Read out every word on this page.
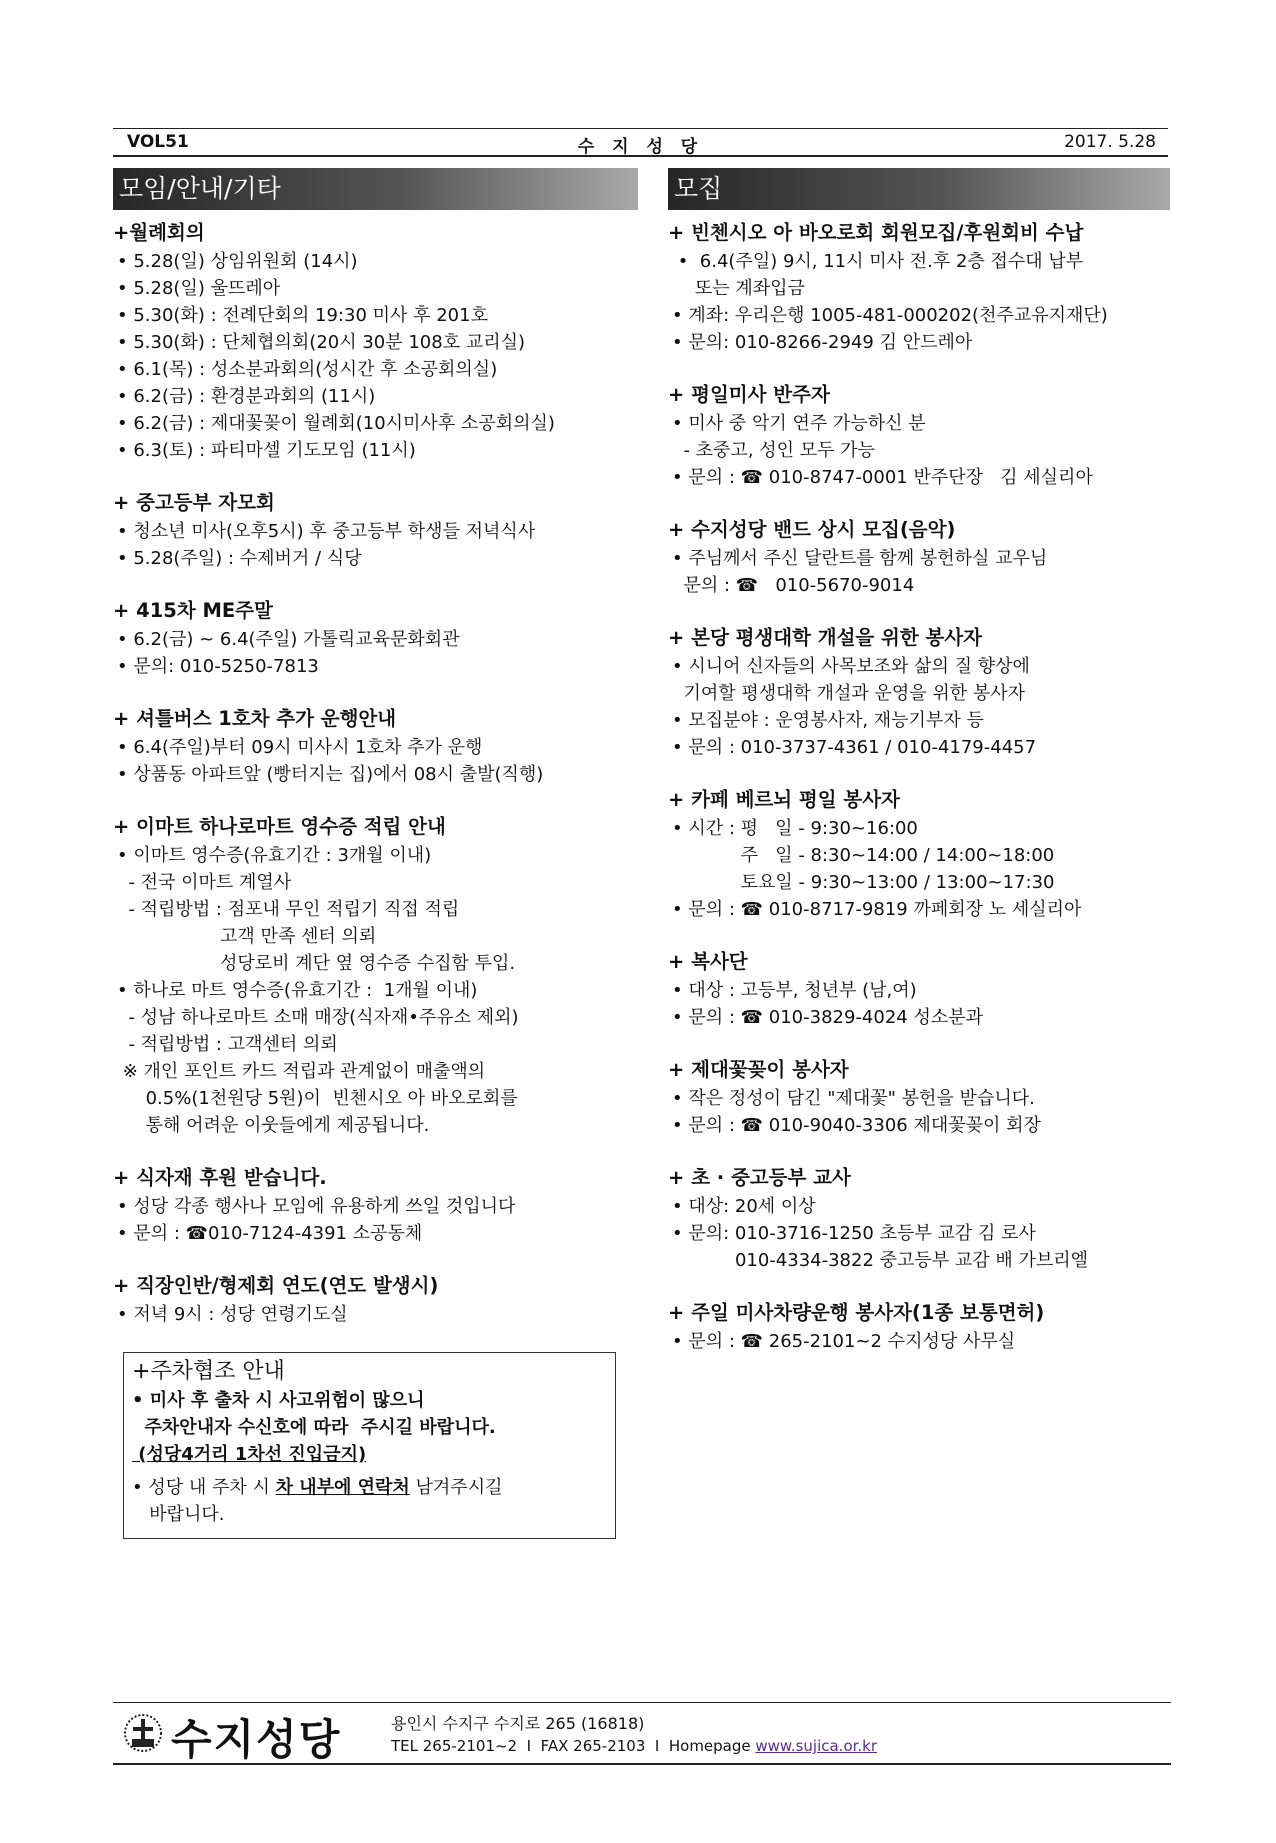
VOL51	수 지 성 당	2017. 5.28
모임/안내/기타
+월례회의
• 5.28(일) 상임위원회 (14시)
• 5.28(일) 울뜨레아
• 5.30(화) : 전례단회의 19:30 미사 후 201호
• 5.30(화) : 단체협의회(20시 30분 108호 교리실)
• 6.1(목) : 성소분과회의(성시간 후 소공회의실)
• 6.2(금) : 환경분과회의 (11시)
• 6.2(금) : 제대꽃꽂이 월례회(10시미사후 소공회의실)
• 6.3(토) : 파티마셀 기도모임 (11시)
+ 중고등부 자모회
• 청소년 미사(오후5시) 후 중고등부 학생들 저녁식사
• 5.28(주일) : 수제버거 / 식당
+ 415차 ME주말
• 6.2(금) ~ 6.4(주일) 가톨릭교육문화회관
• 문의: 010-5250-7813
+ 셔틀버스 1호차 추가 운행안내
• 6.4(주일)부터 09시 미사시 1호차 추가 운행
• 상품동 아파트앞 (빵터지는 집)에서 08시 출발(직행)
+ 이마트 하나로마트 영수증 적립 안내
• 이마트 영수증(유효기간 : 3개월 이내)
- 전국 이마트 계열사
- 적립방법 : 점포내 무인 적립기 직접 적립
고객 만족 센터 의뢰
성당로비 계단 옆 영수증 수집함 투입.
• 하나로 마트 영수증(유효기간 :  1개월 이내)
- 성남 하나로마트 소매 매장(식자재•주유소 제외)
- 적립방법 : 고객센터 의뢰
※ 개인 포인트 카드 적립과 관계없이 매출액의
0.5%(1천원당 5원)이  빈첸시오 아 바오로회를
통해 어려운 이웃들에게 제공됩니다.
+ 식자재 후원 받습니다.
• 성당 각종 행사나 모임에 유용하게 쓰일 것입니다
• 문의 : ☎010-7124-4391 소공동체
+ 직장인반/형제회 연도(연도 발생시)
• 저녁 9시 : 성당 연령기도실
+주차협조 안내
• 미사 후 출차 시 사고위험이 많으니
주차안내자 수신호에 따라  주시길 바랍니다.
(성당4거리 1차선 진입금지)
• 성당 내 주차 시 차 내부에 연락처 남겨주시길
바랍니다.
모집
+ 빈첸시오 아 바오로회 회원모집/후원회비 수납
•  6.4(주일) 9시, 11시 미사 전.후 2층 접수대 납부
또는 계좌입금
• 계좌: 우리은행 1005-481-000202(천주교유지재단)
• 문의: 010-8266-2949 김 안드레아
+ 평일미사 반주자
• 미사 중 악기 연주 가능하신 분
- 초중고, 성인 모두 가능
• 문의 : ☎ 010-8747-0001 반주단장   김 세실리아
+ 수지성당 밴드 상시 모집(음악)
• 주님께서 주신 달란트를 함께 봉헌하실 교우님
문의 : ☎   010-5670-9014
+ 본당 평생대학 개설을 위한 봉사자
• 시니어 신자들의 사목보조와 삶의 질 향상에
기여할 평생대학 개설과 운영을 위한 봉사자
• 모집분야 : 운영봉사자, 재능기부자 등
• 문의 : 010-3737-4361 / 010-4179-4457
+ 카페 베르뇌 평일 봉사자
• 시간 : 평   일 - 9:30~16:00
주   일 - 8:30~14:00 / 14:00~18:00
토요일 - 9:30~13:00 / 13:00~17:30
• 문의 : ☎ 010-8717-9819 까페회장 노 세실리아
+ 복사단
• 대상 : 고등부, 청년부 (남,여)
• 문의 : ☎ 010-3829-4024 성소분과
+ 제대꽃꽂이 봉사자
• 작은 정성이 담긴 "제대꽃" 봉헌을 받습니다.
• 문의 : ☎ 010-9040-3306 제대꽃꽂이 회장
+ 초 · 중고등부 교사
• 대상: 20세 이상
• 문의: 010-3716-1250 초등부 교감 김 로사
010-4334-3822 중고등부 교감 배 가브리엘
+ 주일 미사차량운행 봉사자(1종 보통면허)
• 문의 : ☎ 265-2101~2 수지성당 사무실
수지성당	용인시 수지구 수지로 265 (16818)
TEL 265-2101~2  I  FAX 265-2103  I  Homepage www.sujica.or.kr
